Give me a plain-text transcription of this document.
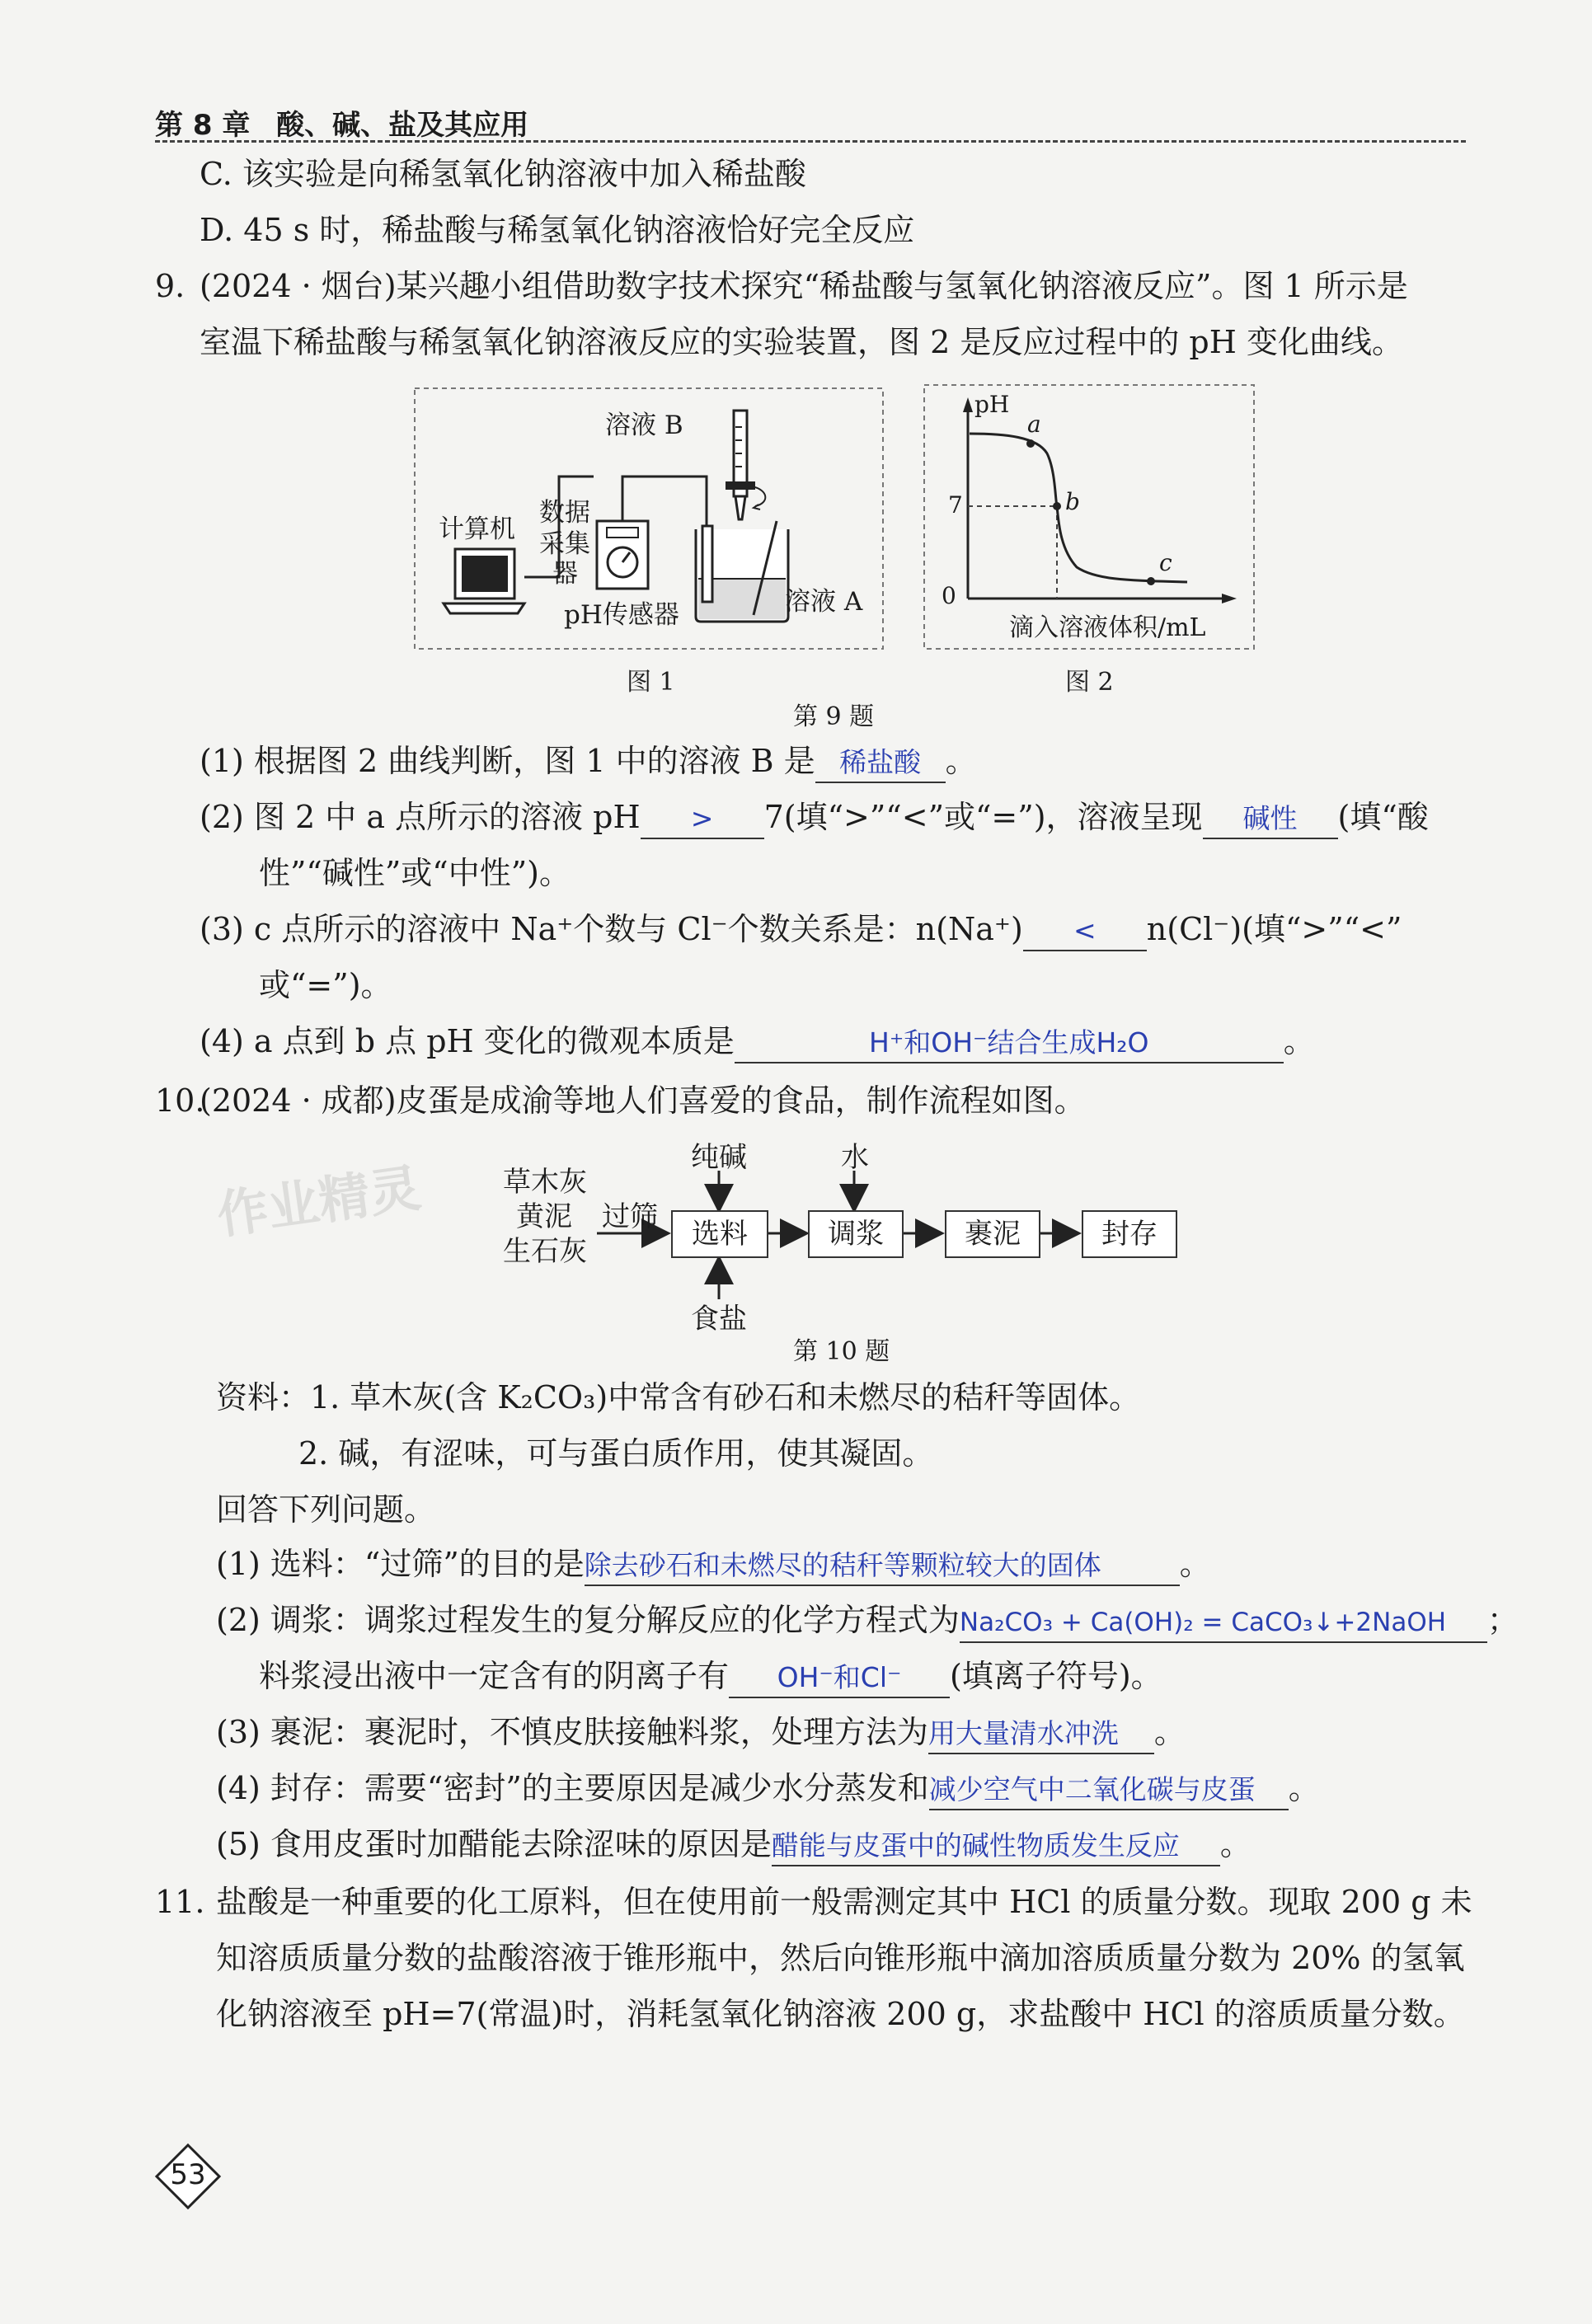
第 8 章 酸、碱、盐及其应用
C. 该实验是向稀氢氧化钠溶液中加入稀盐酸
D. 45 s 时，稀盐酸与稀氢氧化钠溶液恰好完全反应
9. (2024 · 烟台)某兴趣小组借助数字技术探究“稀盐酸与氢氧化钠溶液反应”。图 1 所示是
室温下稀盐酸与稀氢氧化钠溶液反应的实验装置，图 2 是反应过程中的 pH 变化曲线。
溶液 B
计算机
数据
采集
器
pH传感器	溶液 A
图 1
pH
7
0
a
b
c
滴入溶液体积/mL
图 2
第 9 题
(1) 根据图 2 曲线判断，图 1 中的溶液 B 是 稀盐酸 。
(2) 图 2 中 a 点所示的溶液 pH > 7(填“>”“<”或“=”)，溶液呈现 碱性 (填“酸
性”“碱性”或“中性”)。
(3) c 点所示的溶液中 Na⁺个数与 Cl⁻个数关系是：n(Na⁺) < n(Cl⁻)(填“>”“<”
或“=”)。
(4) a 点到 b 点 pH 变化的微观本质是	H⁺和OH⁻结合生成H₂O	。
10.
(2024 · 成都)皮蛋是成渝等地人们喜爱的食品，制作流程如图。
草木灰
黄泥
生石灰
过筛
纯碱	水
食盐
选料	调浆	裹泥	封存
第 10 题
资料：1. 草木灰(含 K₂CO₃)中常含有砂石和未燃尽的秸秆等固体。
2. 碱，有涩味，可与蛋白质作用，使其凝固。
回答下列问题。
(1) 选料：“过筛”的目的是除去砂石和未燃尽的秸秆等颗粒较大的固体	。
(2) 调浆：调浆过程发生的复分解反应的化学方程式为Na₂CO₃ + Ca(OH)₂ = CaCO₃↓+2NaOH ；
料浆浸出液中一定含有的阴离子有 OH⁻和Cl⁻ (填离子符号)。
(3) 裹泥：裹泥时，不慎皮肤接触料浆，处理方法为用大量清水冲洗 。
(4) 封存：需要“密封”的主要原因是减少水分蒸发和减少空气中二氧化碳与皮蛋 。
(5) 食用皮蛋时加醋能去除涩味的原因是醋能与皮蛋中的碱性物质发生反应 。
11. 盐酸是一种重要的化工原料，但在使用前一般需测定其中 HCl 的质量分数。现取 200 g 未
知溶质质量分数的盐酸溶液于锥形瓶中，然后向锥形瓶中滴加溶质质量分数为 20% 的氢氧
化钠溶液至 pH=7(常温)时，消耗氢氧化钠溶液 200 g，求盐酸中 HCl 的溶质质量分数。
53
作业精灵
